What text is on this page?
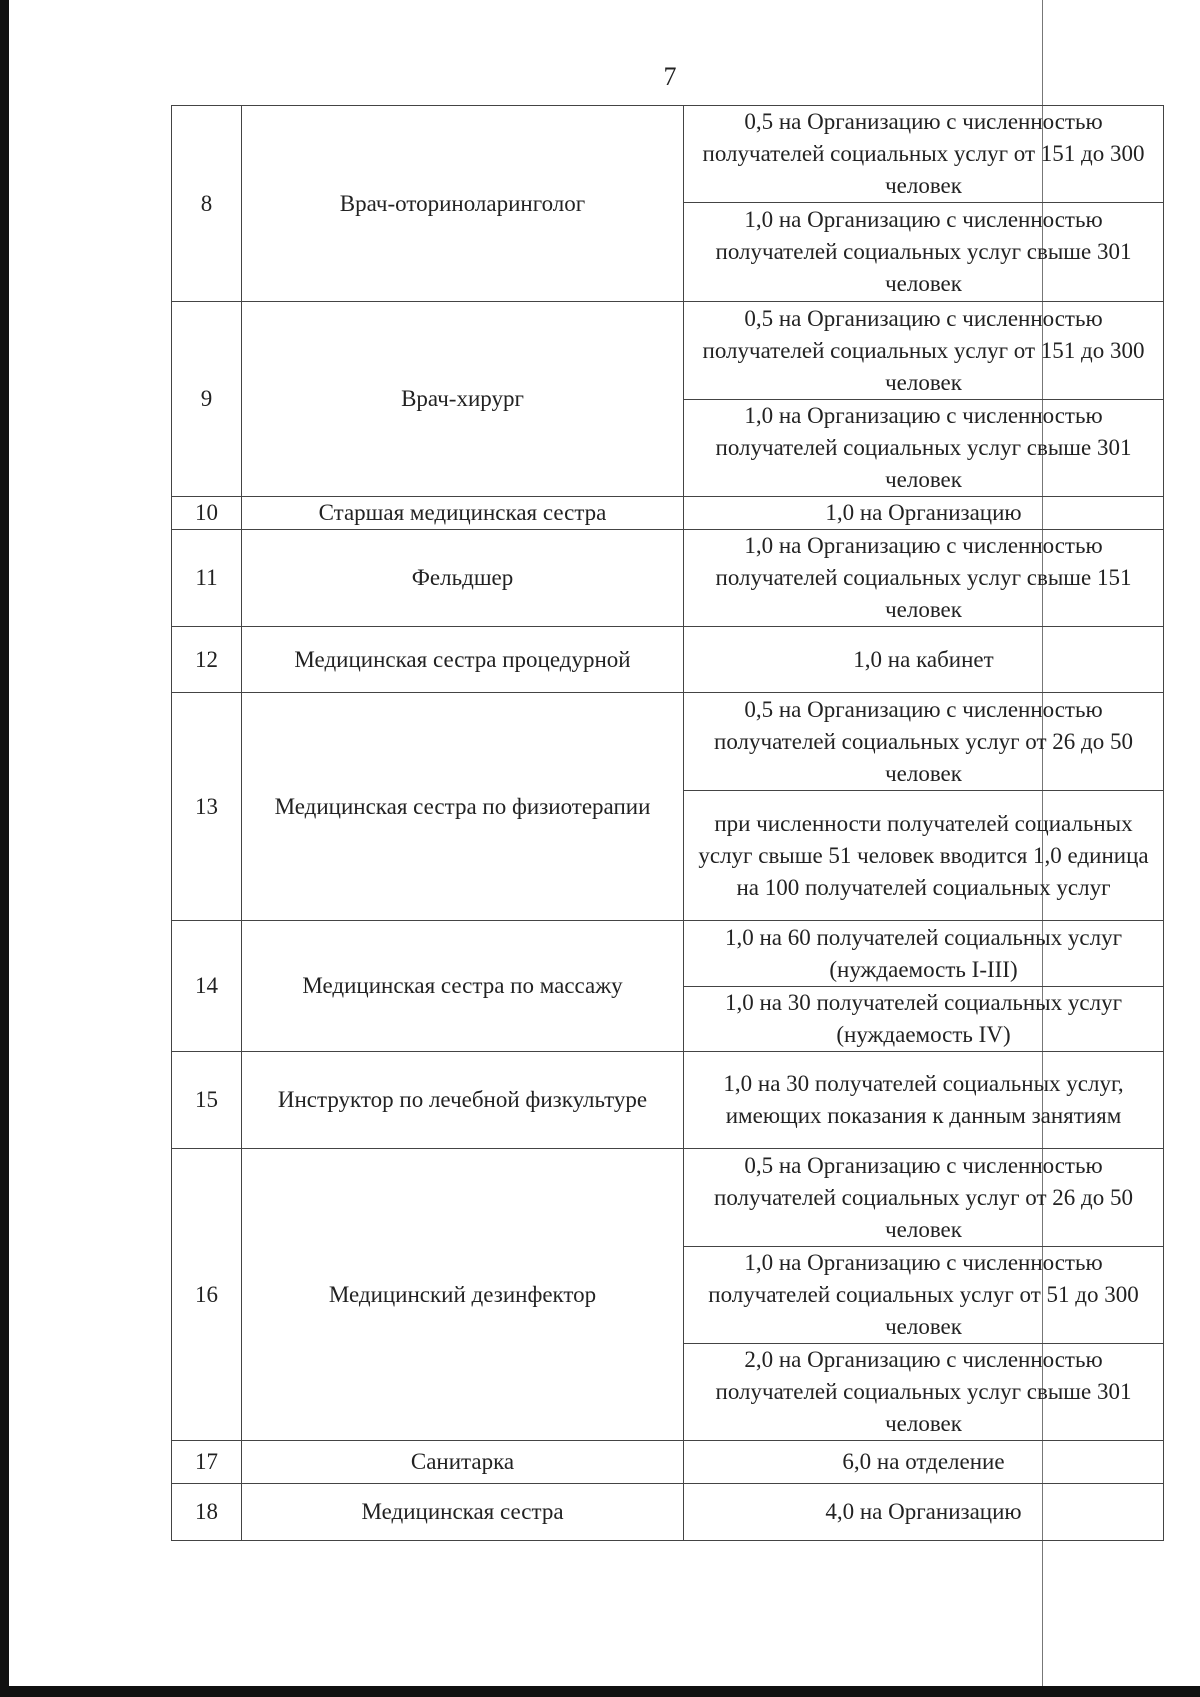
7
8	Врач-оториноларинголог	0,5 на Организацию с численностью получателей социальных услуг от 151 до 300 человек
		1,0 на Организацию с численностью получателей социальных услуг свыше 301 человек
9	Врач-хирург	0,5 на Организацию с численностью получателей социальных услуг от 151 до 300 человек
		1,0 на Организацию с численностью получателей социальных услуг свыше 301 человек
10	Старшая медицинская сестра	1,0 на Организацию
11	Фельдшер	1,0 на Организацию с численностью получателей социальных услуг свыше 151 человек
12	Медицинская сестра процедурной	1,0 на кабинет
13	Медицинская сестра по физиотерапии	0,5 на Организацию с численностью получателей социальных услуг от 26 до 50 человек
		при численности получателей социальных услуг свыше 51 человек вводится 1,0 единица на 100 получателей социальных услуг
14	Медицинская сестра по массажу	1,0 на 60 получателей социальных услуг (нуждаемость I-III)
		1,0 на 30 получателей социальных услуг (нуждаемость IV)
15	Инструктор по лечебной физкультуре	1,0 на 30 получателей социальных услуг, имеющих показания к данным занятиям
16	Медицинский дезинфектор	0,5 на Организацию с численностью получателей социальных услуг от 26 до 50 человек
		1,0 на Организацию с численностью получателей социальных услуг от 51 до 300 человек
		2,0 на Организацию с численностью получателей социальных услуг свыше 301 человек
17	Санитарка	6,0 на отделение
18	Медицинская сестра	4,0 на Организацию
